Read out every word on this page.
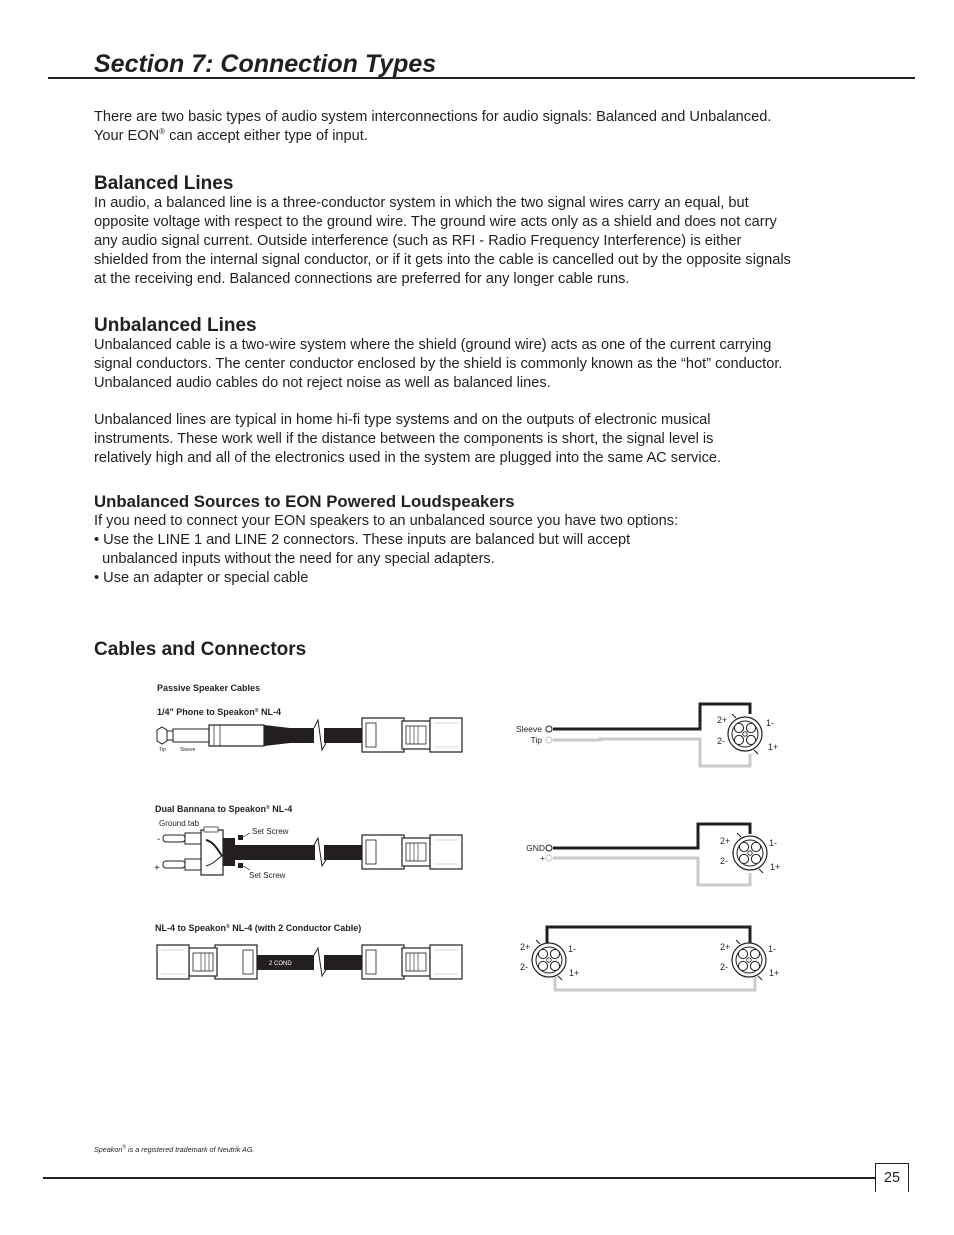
Section 7: Connection Types

There are two basic types of audio system interconnections for audio signals: Balanced and Unbalanced.

Your EON® can accept either type of input.

Balanced Lines

In audio, a balanced line is a three-conductor system in which the two signal wires carry an equal, but

opposite voltage with respect to the ground wire. The ground wire acts only as a shield and does not carry

any audio signal current. Outside interference (such as RFI - Radio Frequency Interference) is either

shielded from the internal signal conductor, or if it gets into the cable is cancelled out by the opposite signals

at the receiving end. Balanced connections are preferred for any longer cable runs.

Unbalanced Lines

Unbalanced cable is a two-wire system where the shield (ground wire) acts as one of the current carrying

signal conductors. The center conductor enclosed by the shield is commonly known as the “hot” conductor.

Unbalanced audio cables do not reject noise as well as balanced lines.

Unbalanced lines are typical in home hi-fi type systems and on the outputs of electronic musical

instruments. These work well if the distance between the components is short, the signal level is

relatively high and all of the electronics used in the system are plugged into the same AC service.

Unbalanced Sources to EON Powered Loudspeakers

If you need to connect your EON speakers to an unbalanced source you have two options:

• Use the LINE 1 and LINE 2 connectors. These inputs are balanced but will accept

unbalanced inputs without the need for any special adapters.

• Use an adapter or special cable

Cables and Connectors
Passive Speaker Cables
1/4" Phone to Speakon® NL-4
Tip	Sleeve
Sleeve
Tip
2+
2-
1-
1+
Dual Bannana to Speakon® NL-4
Ground tab
-
+
Set Screw
Set Screw
GND
+
2+
2-
1-
1+
NL-4 to Speakon® NL-4 (with 2 Conductor Cable)
2 COND
2+
2-
1-
1+
2+
2-
1-
1+
Speakon® is a registered trademark of Neutrik AG.
25
